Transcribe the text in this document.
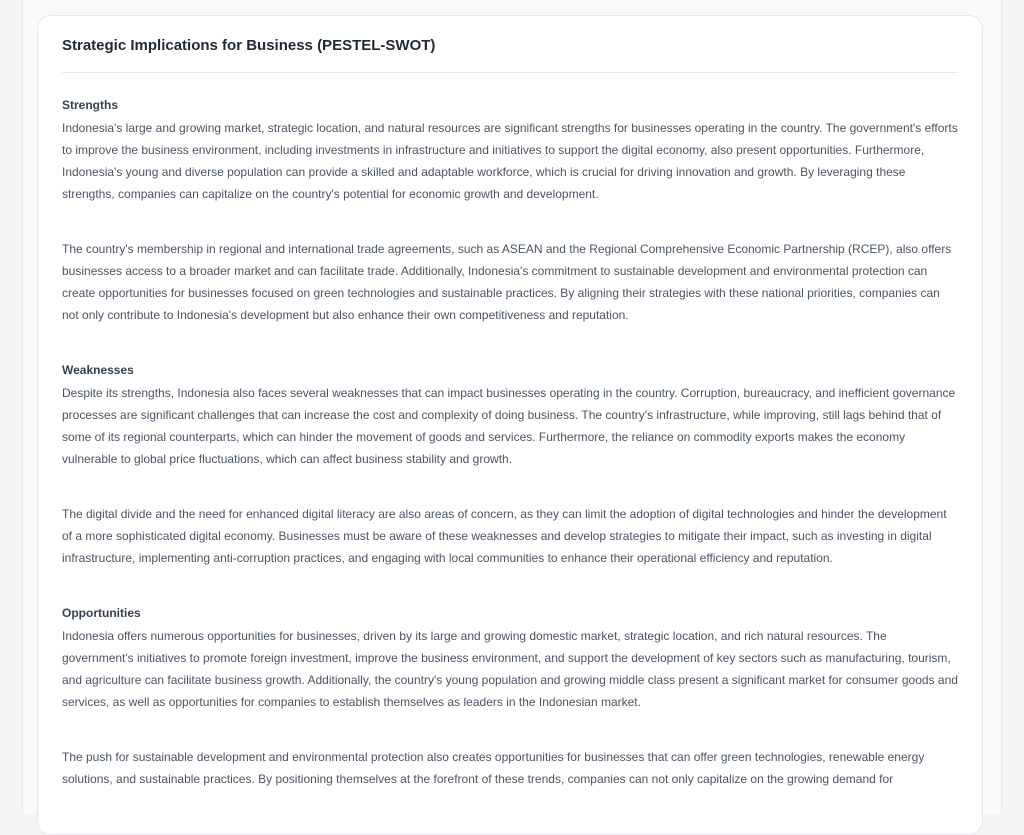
Strategic Implications for Business (PESTEL-SWOT)
Strengths

Indonesia's large and growing market, strategic location, and natural resources are significant strengths for businesses operating in the country. The government's efforts to improve the business environment, including investments in infrastructure and initiatives to support the digital economy, also present opportunities. Furthermore, Indonesia's young and diverse population can provide a skilled and adaptable workforce, which is crucial for driving innovation and growth. By leveraging these strengths, companies can capitalize on the country's potential for economic growth and development.

The country's membership in regional and international trade agreements, such as ASEAN and the Regional Comprehensive Economic Partnership (RCEP), also offers businesses access to a broader market and can facilitate trade. Additionally, Indonesia's commitment to sustainable development and environmental protection can create opportunities for businesses focused on green technologies and sustainable practices. By aligning their strategies with these national priorities, companies can not only contribute to Indonesia's development but also enhance their own competitiveness and reputation.

Weaknesses

Despite its strengths, Indonesia also faces several weaknesses that can impact businesses operating in the country. Corruption, bureaucracy, and inefficient governance processes are significant challenges that can increase the cost and complexity of doing business. The country's infrastructure, while improving, still lags behind that of some of its regional counterparts, which can hinder the movement of goods and services. Furthermore, the reliance on commodity exports makes the economy vulnerable to global price fluctuations, which can affect business stability and growth.

The digital divide and the need for enhanced digital literacy are also areas of concern, as they can limit the adoption of digital technologies and hinder the development of a more sophisticated digital economy. Businesses must be aware of these weaknesses and develop strategies to mitigate their impact, such as investing in digital infrastructure, implementing anti-corruption practices, and engaging with local communities to enhance their operational efficiency and reputation.

Opportunities

Indonesia offers numerous opportunities for businesses, driven by its large and growing domestic market, strategic location, and rich natural resources. The government's initiatives to promote foreign investment, improve the business environment, and support the development of key sectors such as manufacturing, tourism, and agriculture can facilitate business growth. Additionally, the country's young population and growing middle class present a significant market for consumer goods and services, as well as opportunities for companies to establish themselves as leaders in the Indonesian market.

The push for sustainable development and environmental protection also creates opportunities for businesses that can offer green technologies, renewable energy solutions, and sustainable practices. By positioning themselves at the forefront of these trends, companies can not only capitalize on the growing demand for
